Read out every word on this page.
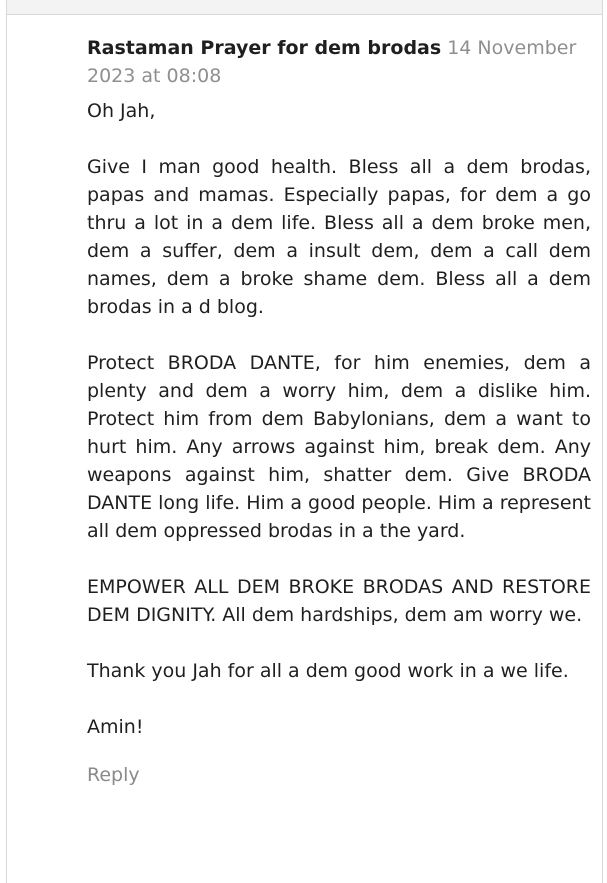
Rastaman Prayer for dem brodas 14 November 2023 at 08:08

Oh Jah,

Give I man good health. Bless all a dem brodas, papas and mamas. Especially papas, for dem a go thru a lot in a dem life. Bless all a dem broke men, dem a suffer, dem a insult dem, dem a call dem names, dem a broke shame dem. Bless all a dem brodas in a d blog.

Protect BRODA DANTE, for him enemies, dem a plenty and dem a worry him, dem a dislike him. Protect him from dem Babylonians, dem a want to hurt him. Any arrows against him, break dem. Any weapons against him, shatter dem. Give BRODA DANTE long life. Him a good people. Him a represent all dem oppressed brodas in a the yard.

EMPOWER ALL DEM BROKE BRODAS AND RESTORE DEM DIGNITY. All dem hardships, dem am worry we.

Thank you Jah for all a dem good work in a we life.

Amin!

Reply
